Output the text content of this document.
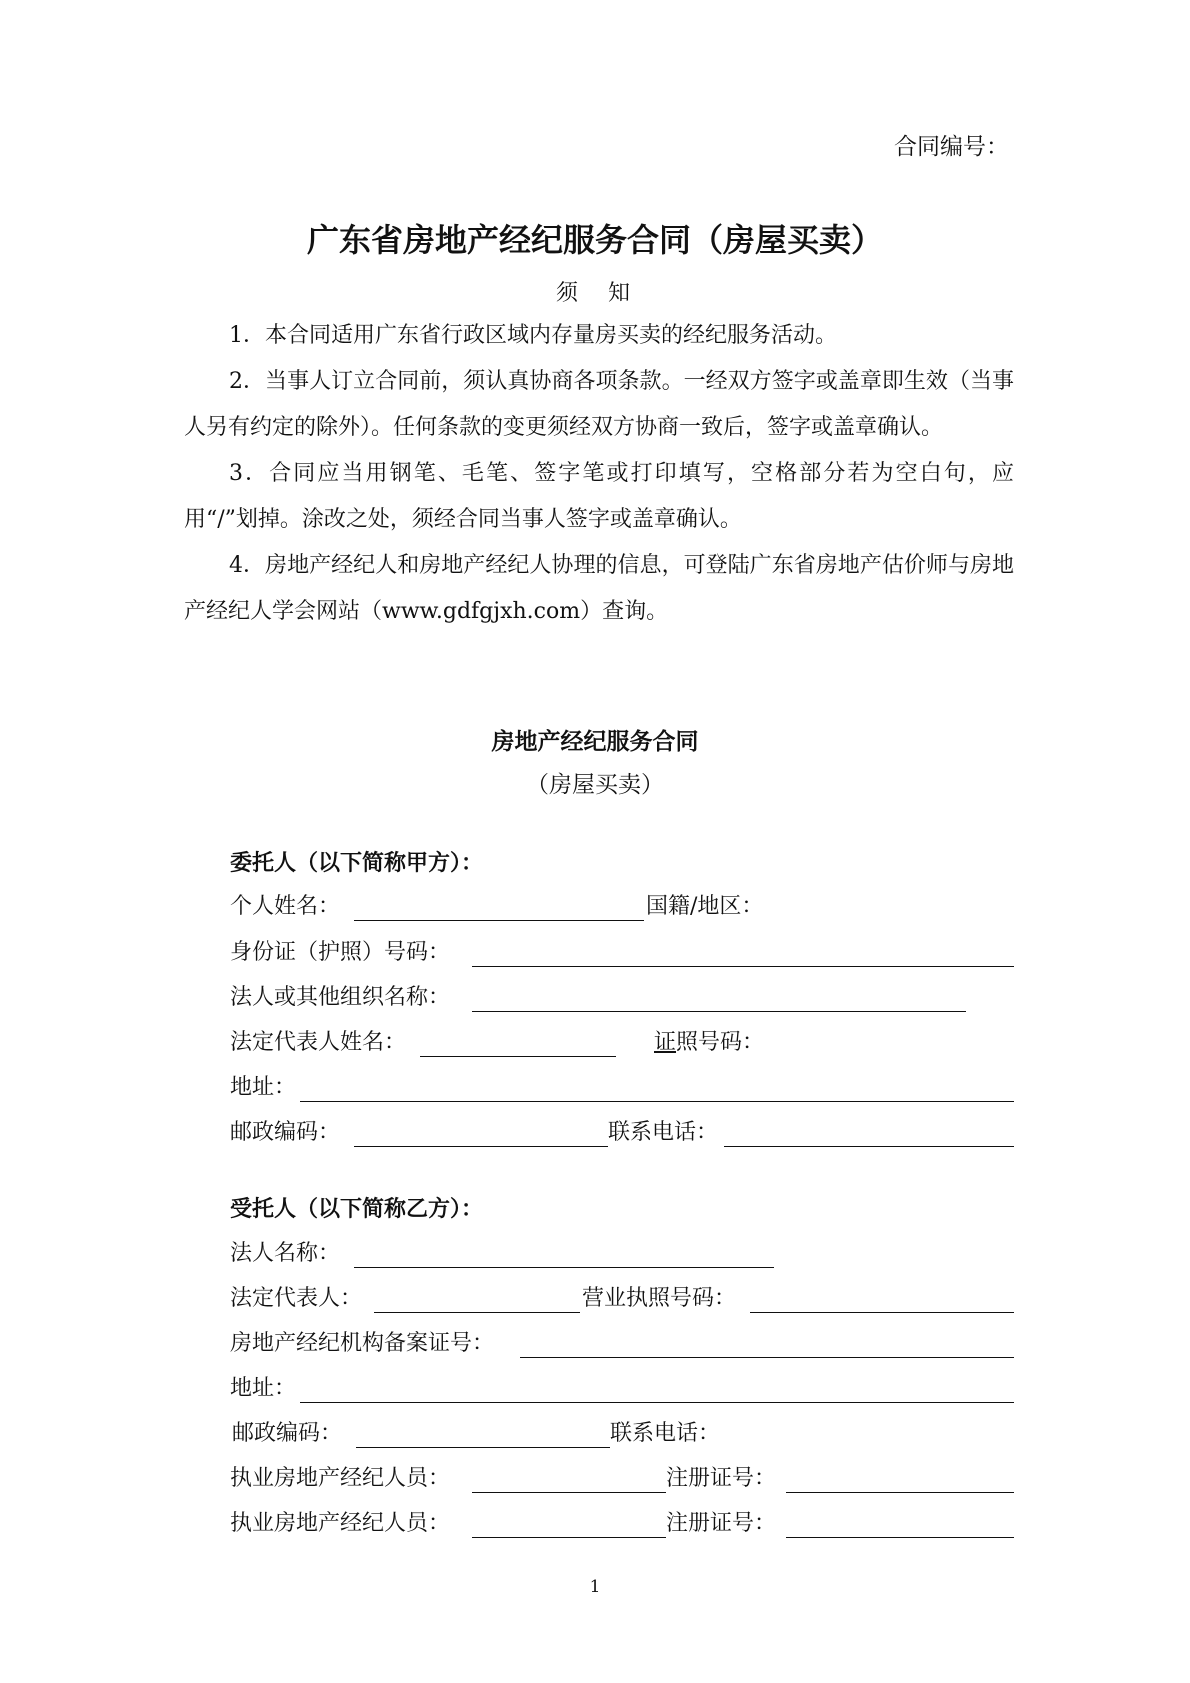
合同编号：
广东省房地产经纪服务合同（房屋买卖）
须　知

1．本合同适用广东省行政区域内存量房买卖的经纪服务活动。

2．当事人订立合同前，须认真协商各项条款。一经双方签字或盖章即生效（当事人另有约定的除外）。任何条款的变更须经双方协商一致后，签字或盖章确认。

3．合同应当用钢笔、毛笔、签字笔或打印填写，空格部分若为空白句，应用“/”划掉。涂改之处，须经合同当事人签字或盖章确认。

4．房地产经纪人和房地产经纪人协理的信息，可登陆广东省房地产估价师与房地产经纪人学会网站（www.gdfgjxh.com）查询。

房地产经纪服务合同
（房屋买卖）
委托人（以下简称甲方）：
个人姓名：	国籍/地区：
身份证（护照）号码：
法人或其他组织名称：
法定代表人姓名：	证照号码：
地址：
邮政编码：	联系电话：
受托人（以下简称乙方）：
法人名称：
法定代表人：	营业执照号码：
房地产经纪机构备案证号：
地址：
邮政编码：	联系电话：
执业房地产经纪人员：	注册证号：
执业房地产经纪人员：	注册证号：
1
